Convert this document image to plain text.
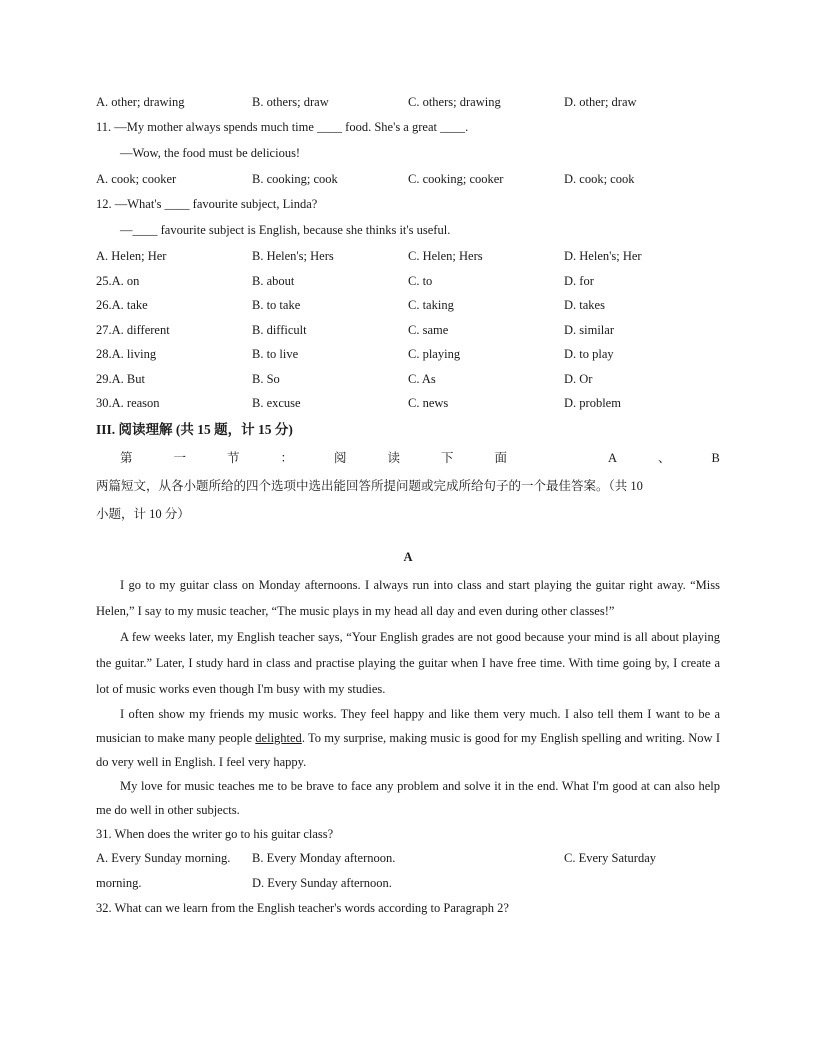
A. other; drawing	B. others; draw	C. others; drawing	D. other; draw
11. —My mother always spends much time ____ food. She's a great ____.
—Wow, the food must be delicious!
A. cook; cooker	B. cooking; cook	C. cooking; cooker	D. cook; cook
12. —What's ____ favourite subject, Linda?
—____ favourite subject is English, because she thinks it's useful.
A. Helen; Her	B. Helen's; Hers	C. Helen; Hers	D. Helen's; Her
25.A. on	B. about	C. to	D. for
26.A. take	B. to take	C. taking	D. takes
27.A. different	B. difficult	C. same	D. similar
28.A. living	B. to live	C. playing	D. to play
29.A. But	B. So	C. As	D. Or
30.A. reason	B. excuse	C. news	D. problem
III. 阅读理解 (共 15 题，计 15 分)
第	一	节	：	阅	读	下	面	A	、	B
两篇短文，从各小题所给的四个选项中选出能回答所提问题或完成所给句子的一个最佳答案。（共 10
小题，计 10 分）
A

I go to my guitar class on Monday afternoons. I always run into class and start playing the guitar right away. “Miss Helen,” I say to my music teacher, “The music plays in my head all day and even during other classes!”

A few weeks later, my English teacher says, “Your English grades are not good because your mind is all about playing the guitar.” Later, I study hard in class and practise playing the guitar when I have free time. With time going by, I create a lot of music works even though I'm busy with my studies.

I often show my friends my music works. They feel happy and like them very much. I also tell them I want to be a musician to make many people delighted. To my surprise, making music is good for my English spelling and writing. Now I do very well in English. I feel very happy.

My love for music teaches me to be brave to face any problem and solve it in the end. What I'm good at can also help me do well in other subjects.

31. When does the writer go to his guitar class?
A. Every Sunday morning. B. Every Monday afternoon.	C. Every Saturday
morning.	D. Every Sunday afternoon.
32. What can we learn from the English teacher's words according to Paragraph 2?
